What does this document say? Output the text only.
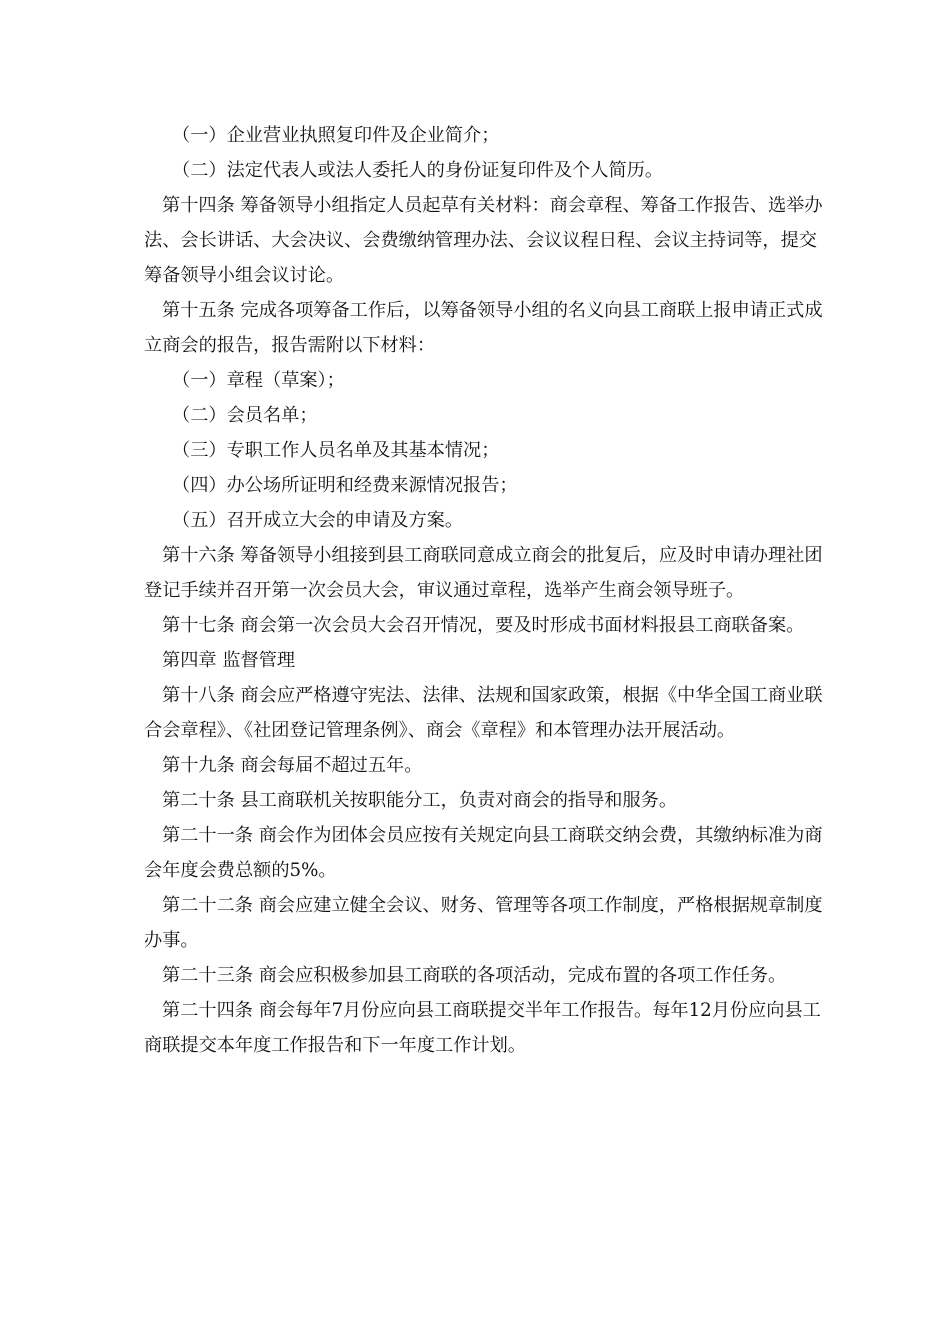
（一）企业营业执照复印件及企业简介；

（二）法定代表人或法人委托人的身份证复印件及个人简历。

第十四条 筹备领导小组指定人员起草有关材料：商会章程、筹备工作报告、选举办法、会长讲话、大会决议、会费缴纳管理办法、会议议程日程、会议主持词等，提交筹备领导小组会议讨论。

第十五条 完成各项筹备工作后，以筹备领导小组的名义向县工商联上报申请正式成立商会的报告，报告需附以下材料：

（一）章程（草案）；

（二）会员名单；

（三）专职工作人员名单及其基本情况；

（四）办公场所证明和经费来源情况报告；

（五）召开成立大会的申请及方案。

第十六条 筹备领导小组接到县工商联同意成立商会的批复后，应及时申请办理社团登记手续并召开第一次会员大会，审议通过章程，选举产生商会领导班子。

第十七条 商会第一次会员大会召开情况，要及时形成书面材料报县工商联备案。

第四章 监督管理

第十八条 商会应严格遵守宪法、法律、法规和国家政策，根据《中华全国工商业联合会章程》、《社团登记管理条例》、商会《章程》和本管理办法开展活动。

第十九条 商会每届不超过五年。

第二十条 县工商联机关按职能分工，负责对商会的指导和服务。

第二十一条 商会作为团体会员应按有关规定向县工商联交纳会费，其缴纳标准为商会年度会费总额的5%。

第二十二条 商会应建立健全会议、财务、管理等各项工作制度，严格根据规章制度办事。

第二十三条 商会应积极参加县工商联的各项活动，完成布置的各项工作任务。

第二十四条 商会每年7月份应向县工商联提交半年工作报告。每年12月份应向县工商联提交本年度工作报告和下一年度工作计划。
